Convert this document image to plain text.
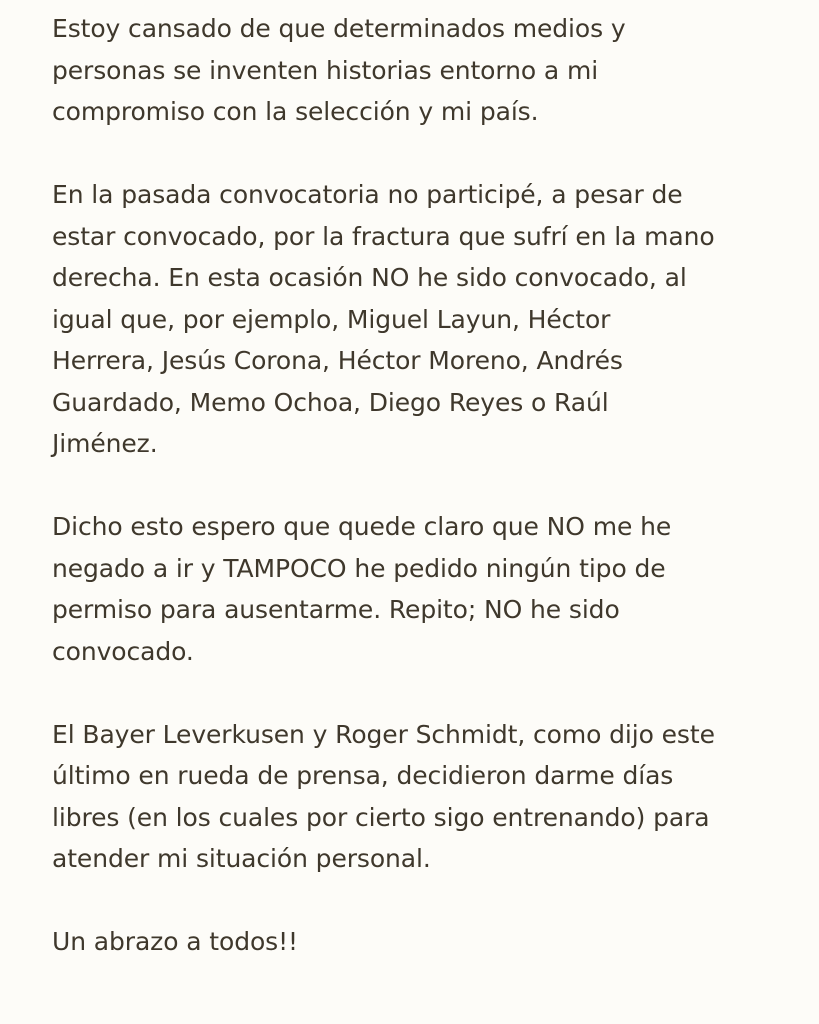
Estoy cansado de que determinados medios y
personas se inventen historias entorno a mi
compromiso con la selección y mi país.

En la pasada convocatoria no participé, a pesar de
estar convocado, por la fractura que sufrí en la mano
derecha. En esta ocasión NO he sido convocado, al
igual que, por ejemplo, Miguel Layun, Héctor
Herrera, Jesús Corona, Héctor Moreno, Andrés
Guardado, Memo Ochoa, Diego Reyes o Raúl
Jiménez.

Dicho esto espero que quede claro que NO me he
negado a ir y TAMPOCO he pedido ningún tipo de
permiso para ausentarme. Repito; NO he sido
convocado.

El Bayer Leverkusen y Roger Schmidt, como dijo este
último en rueda de prensa, decidieron darme días
libres (en los cuales por cierto sigo entrenando) para
atender mi situación personal.

Un abrazo a todos!!
